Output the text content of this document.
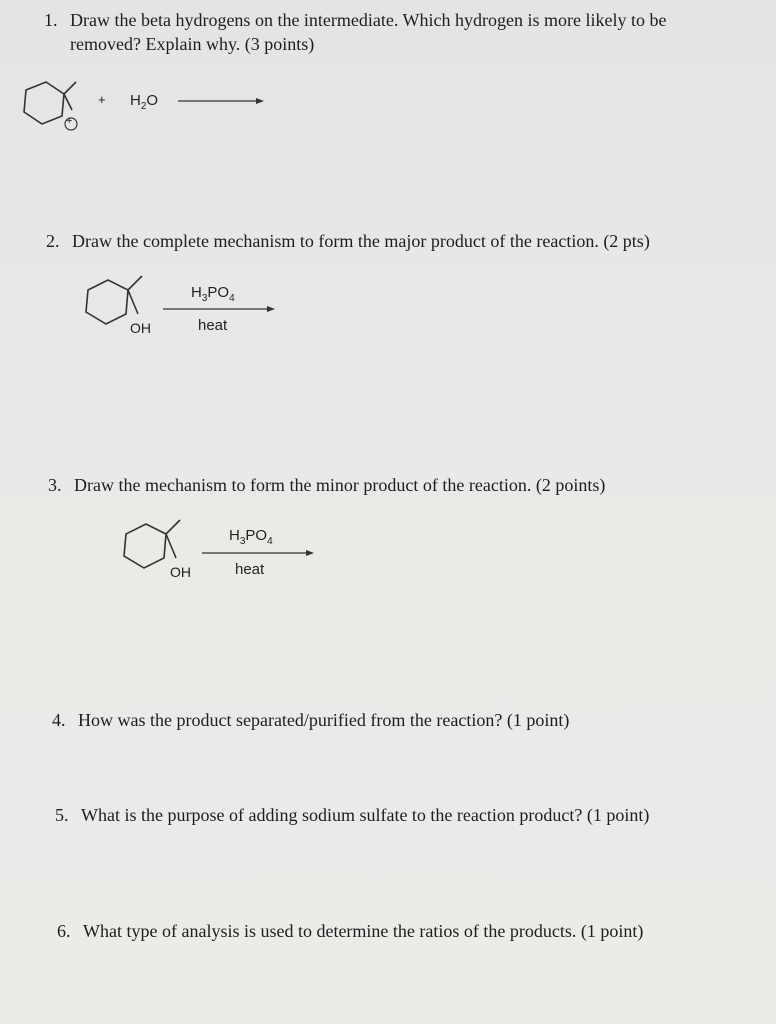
1. Draw the beta hydrogens on the intermediate. Which hydrogen is more likely to be
removed? Explain why. (3 points)
+
+ $H_2O$
2. Draw the complete mechanism to form the major product of the reaction. (2 pts)
OH
$H_3PO_4$
heat
3. Draw the mechanism to form the minor product of the reaction. (2 points)
OH
$H_3PO_4$
heat
4. How was the product separated/purified from the reaction? (1 point)
5. What is the purpose of adding sodium sulfate to the reaction product? (1 point)
6. What type of analysis is used to determine the ratios of the products. (1 point)
